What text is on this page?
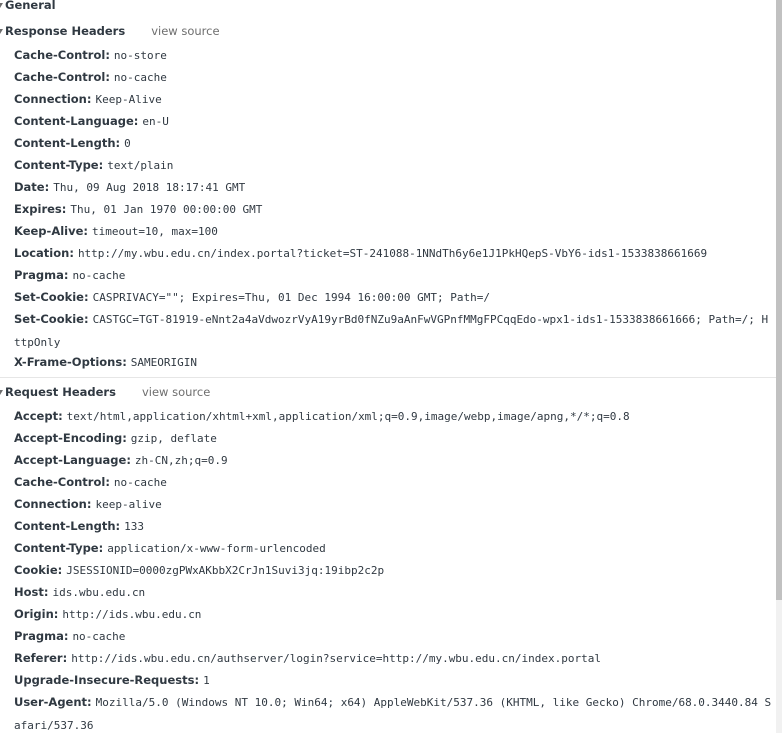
General
Response Headers view source
Cache-Control: no-store
Cache-Control: no-cache
Connection: Keep-Alive
Content-Language: en-U
Content-Length: 0
Content-Type: text/plain
Date: Thu, 09 Aug 2018 18:17:41 GMT
Expires: Thu, 01 Jan 1970 00:00:00 GMT
Keep-Alive: timeout=10, max=100
Location: http://my.wbu.edu.cn/index.portal?ticket=ST-241088-1NNdTh6y6e1J1PkHQepS-VbY6-ids1-1533838661669
Pragma: no-cache
Set-Cookie: CASPRIVACY=""; Expires=Thu, 01 Dec 1994 16:00:00 GMT; Path=/
Set-Cookie: CASTGC=TGT-81919-eNnt2a4aVdwozrVyA19yrBd0fNZu9aAnFwVGPnfMMgFPCqqEdo-wpx1-ids1-1533838661666; Path=/; HttpOnly
X-Frame-Options: SAMEORIGIN
Request Headers view source
Accept: text/html,application/xhtml+xml,application/xml;q=0.9,image/webp,image/apng,*/*;q=0.8
Accept-Encoding: gzip, deflate
Accept-Language: zh-CN,zh;q=0.9
Cache-Control: no-cache
Connection: keep-alive
Content-Length: 133
Content-Type: application/x-www-form-urlencoded
Cookie: JSESSIONID=0000zgPWxAKbbX2CrJn1Suvi3jq:19ibp2c2p
Host: ids.wbu.edu.cn
Origin: http://ids.wbu.edu.cn
Pragma: no-cache
Referer: http://ids.wbu.edu.cn/authserver/login?service=http://my.wbu.edu.cn/index.portal
Upgrade-Insecure-Requests: 1
User-Agent: Mozilla/5.0 (Windows NT 10.0; Win64; x64) AppleWebKit/537.36 (KHTML, like Gecko) Chrome/68.0.3440.84 Safari/537.36
